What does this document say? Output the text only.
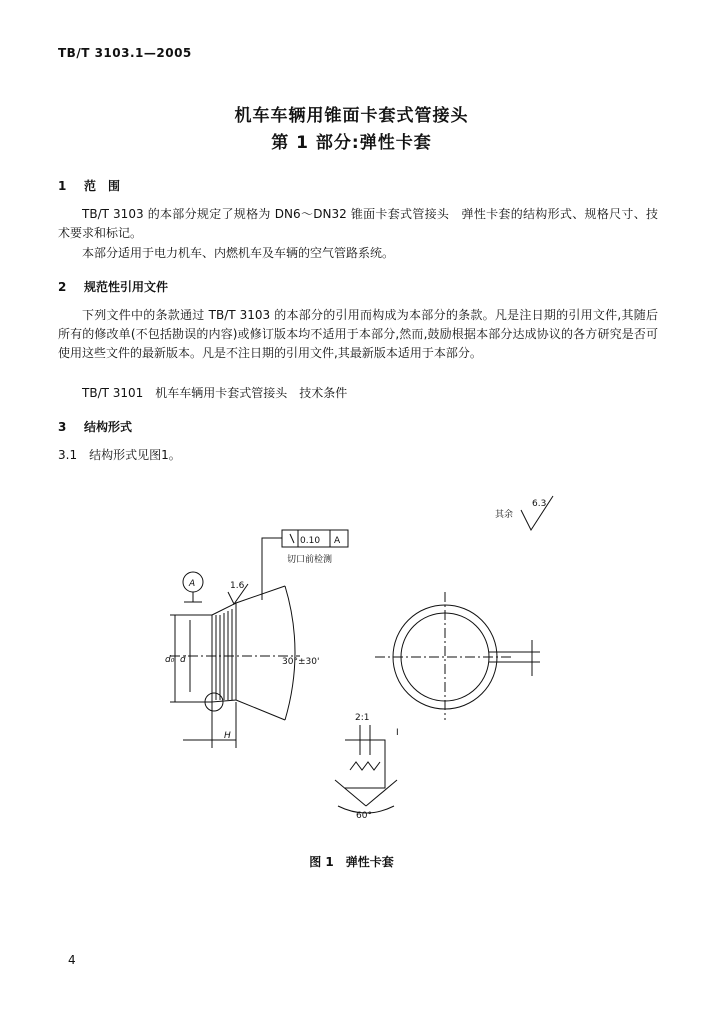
TB/T 3103.1—2005
机车车辆用锥面卡套式管接头
第 1 部分:弹性卡套
1 范　围
TB/T 3103 的本部分规定了规格为 DN6～DN32 锥面卡套式管接头　弹性卡套的结构形式、规格尺寸、技术要求和标记。
本部分适用于电力机车、内燃机车及车辆的空气管路系统。
2 规范性引用文件
下列文件中的条款通过 TB/T 3103 的本部分的引用而构成为本部分的条款。凡是注日期的引用文件,其随后所有的修改单(不包括勘误的内容)或修订版本均不适用于本部分,然而,鼓励根据本部分达成协议的各方研究是否可使用这些文件的最新版本。凡是不注日期的引用文件,其最新版本适用于本部分。
TB/T 3101　机车车辆用卡套式管接头　技术条件
3 结构形式
3.1　结构形式见图1。
其余
6.3
0.10 A
切口前检测
A	1.6
30°±30'
d₀ d
H
2:1
I
60°
图 1　弹性卡套
4
